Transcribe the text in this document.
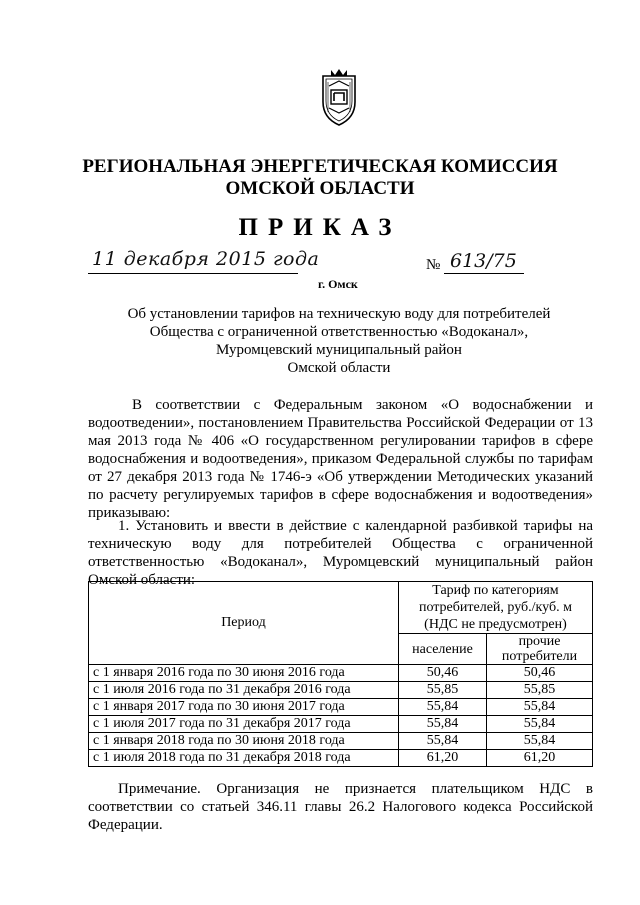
РЕГИОНАЛЬНАЯ ЭНЕРГЕТИЧЕСКАЯ КОМИССИЯ
ОМСКОЙ ОБЛАСТИ
ПРИКАЗ
11 декабря 2015 года
г. Омск
№ 613/75
Об установлении тарифов на техническую воду для потребителей
Общества с ограниченной ответственностью «Водоканал»,
Муромцевский муниципальный район
Омской области
В соответствии с Федеральным законом «О водоснабжении и водоотведении», постановлением Правительства Российской Федерации от 13 мая 2013 года № 406 «О государственном регулировании тарифов в сфере водоснабжения и водоотведения», приказом Федеральной службы по тарифам от 27 декабря 2013 года № 1746-э «Об утверждении Методических указаний по расчету регулируемых тарифов в сфере водоснабжения и водоотведения» приказываю:
1. Установить и ввести в действие с календарной разбивкой тарифы на техническую воду для потребителей Общества с ограниченной ответственностью «Водоканал», Муромцевский муниципальный район Омской области:
Период	Тариф по категориям потребителей, руб./куб. м (НДС не предусмотрен)	
	население	прочие потребители
с 1 января 2016 года по 30 июня 2016 года	50,46	50,46
с 1 июля 2016 года по 31 декабря 2016 года	55,85	55,85
с 1 января 2017 года по 30 июня 2017 года	55,84	55,84
с 1 июля 2017 года по 31 декабря 2017 года	55,84	55,84
с 1 января 2018 года по 30 июня 2018 года	55,84	55,84
с 1 июля 2018 года по 31 декабря 2018 года	61,20	61,20
Примечание. Организация не признается плательщиком НДС в соответствии со статьей 346.11 главы 26.2 Налогового кодекса Российской Федерации.
